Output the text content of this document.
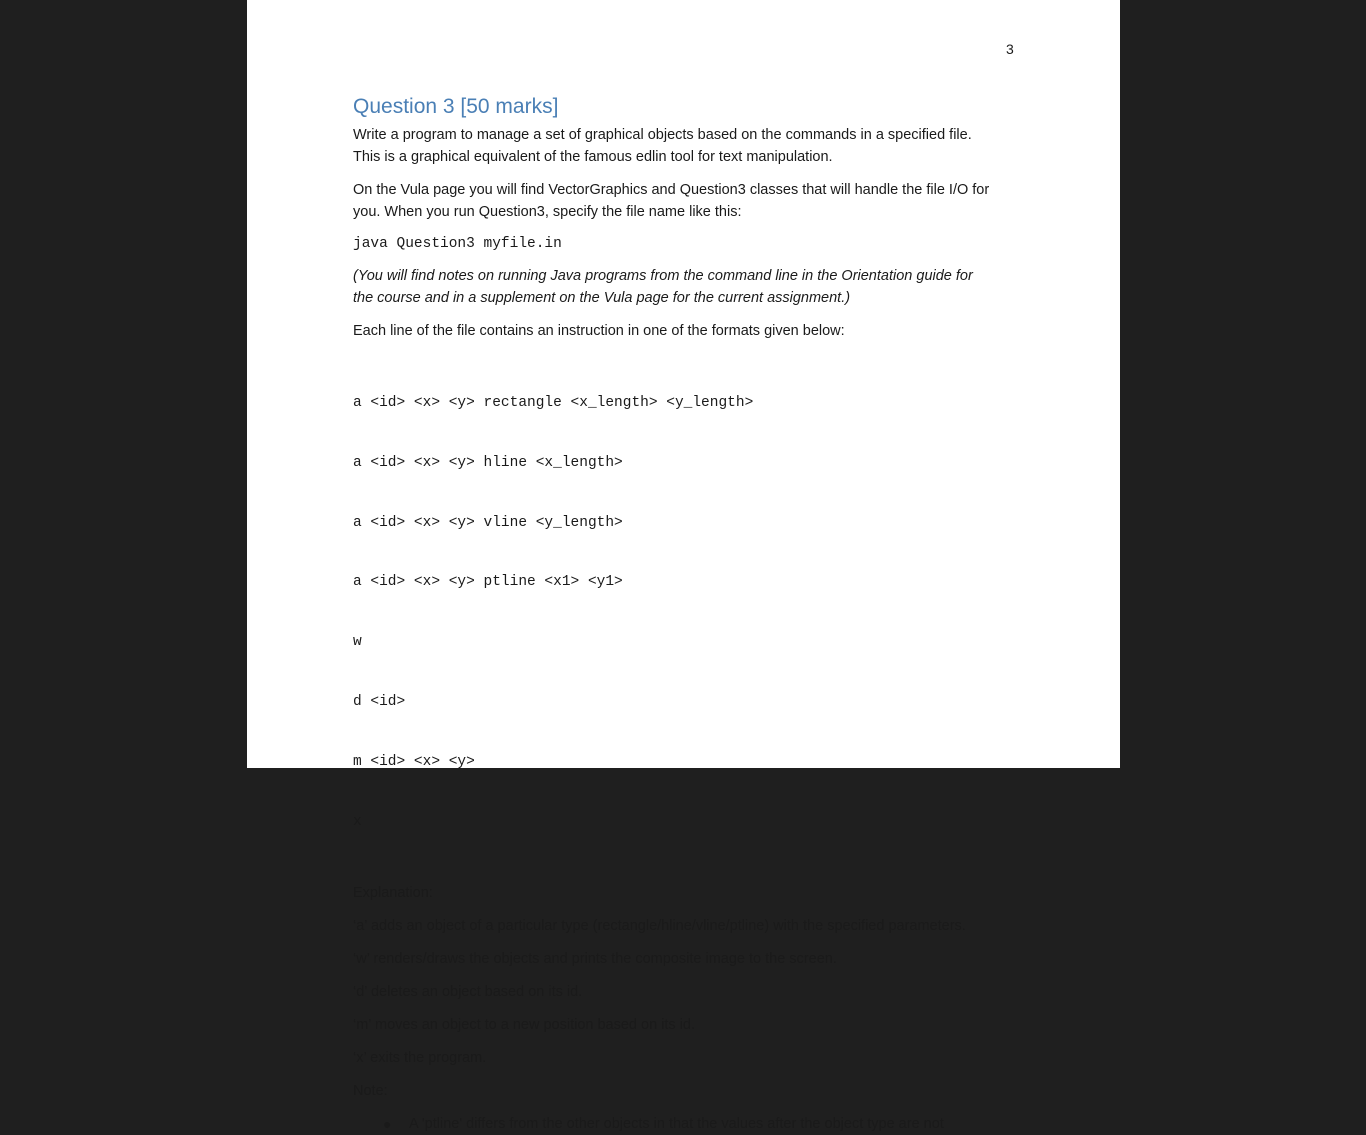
3
Question 3 [50 marks]

Write a program to manage a set of graphical objects based on the commands in a specified file.
This is a graphical equivalent of the famous edlin tool for text manipulation.

On the Vula page you will find VectorGraphics and Question3 classes that will handle the file I/O for
you. When you run Question3, specify the file name like this:

java Question3 myfile.in

(You will find notes on running Java programs from the command line in the Orientation guide for
the course and in a supplement on the Vula page for the current assignment.)

Each line of the file contains an instruction in one of the formats given below:

a <id> <x> <y> rectangle <x_length> <y_length>

a <id> <x> <y> hline <x_length>

a <id> <x> <y> vline <y_length>

a <id> <x> <y> ptline <x1> <y1>

w

d <id>

m <id> <x> <y>

x

Explanation:

‘a’ adds an object of a particular type (rectangle/hline/vline/ptline) with the specified parameters.

‘w’ renders/draws the objects and prints the composite image to the screen.

‘d’ deletes an object based on its id.

‘m’ moves an object to a new position based on its id.

‘x’ exits the program.

Note:

● A 'ptline' differs from the other objects in that the values after the object type are not
